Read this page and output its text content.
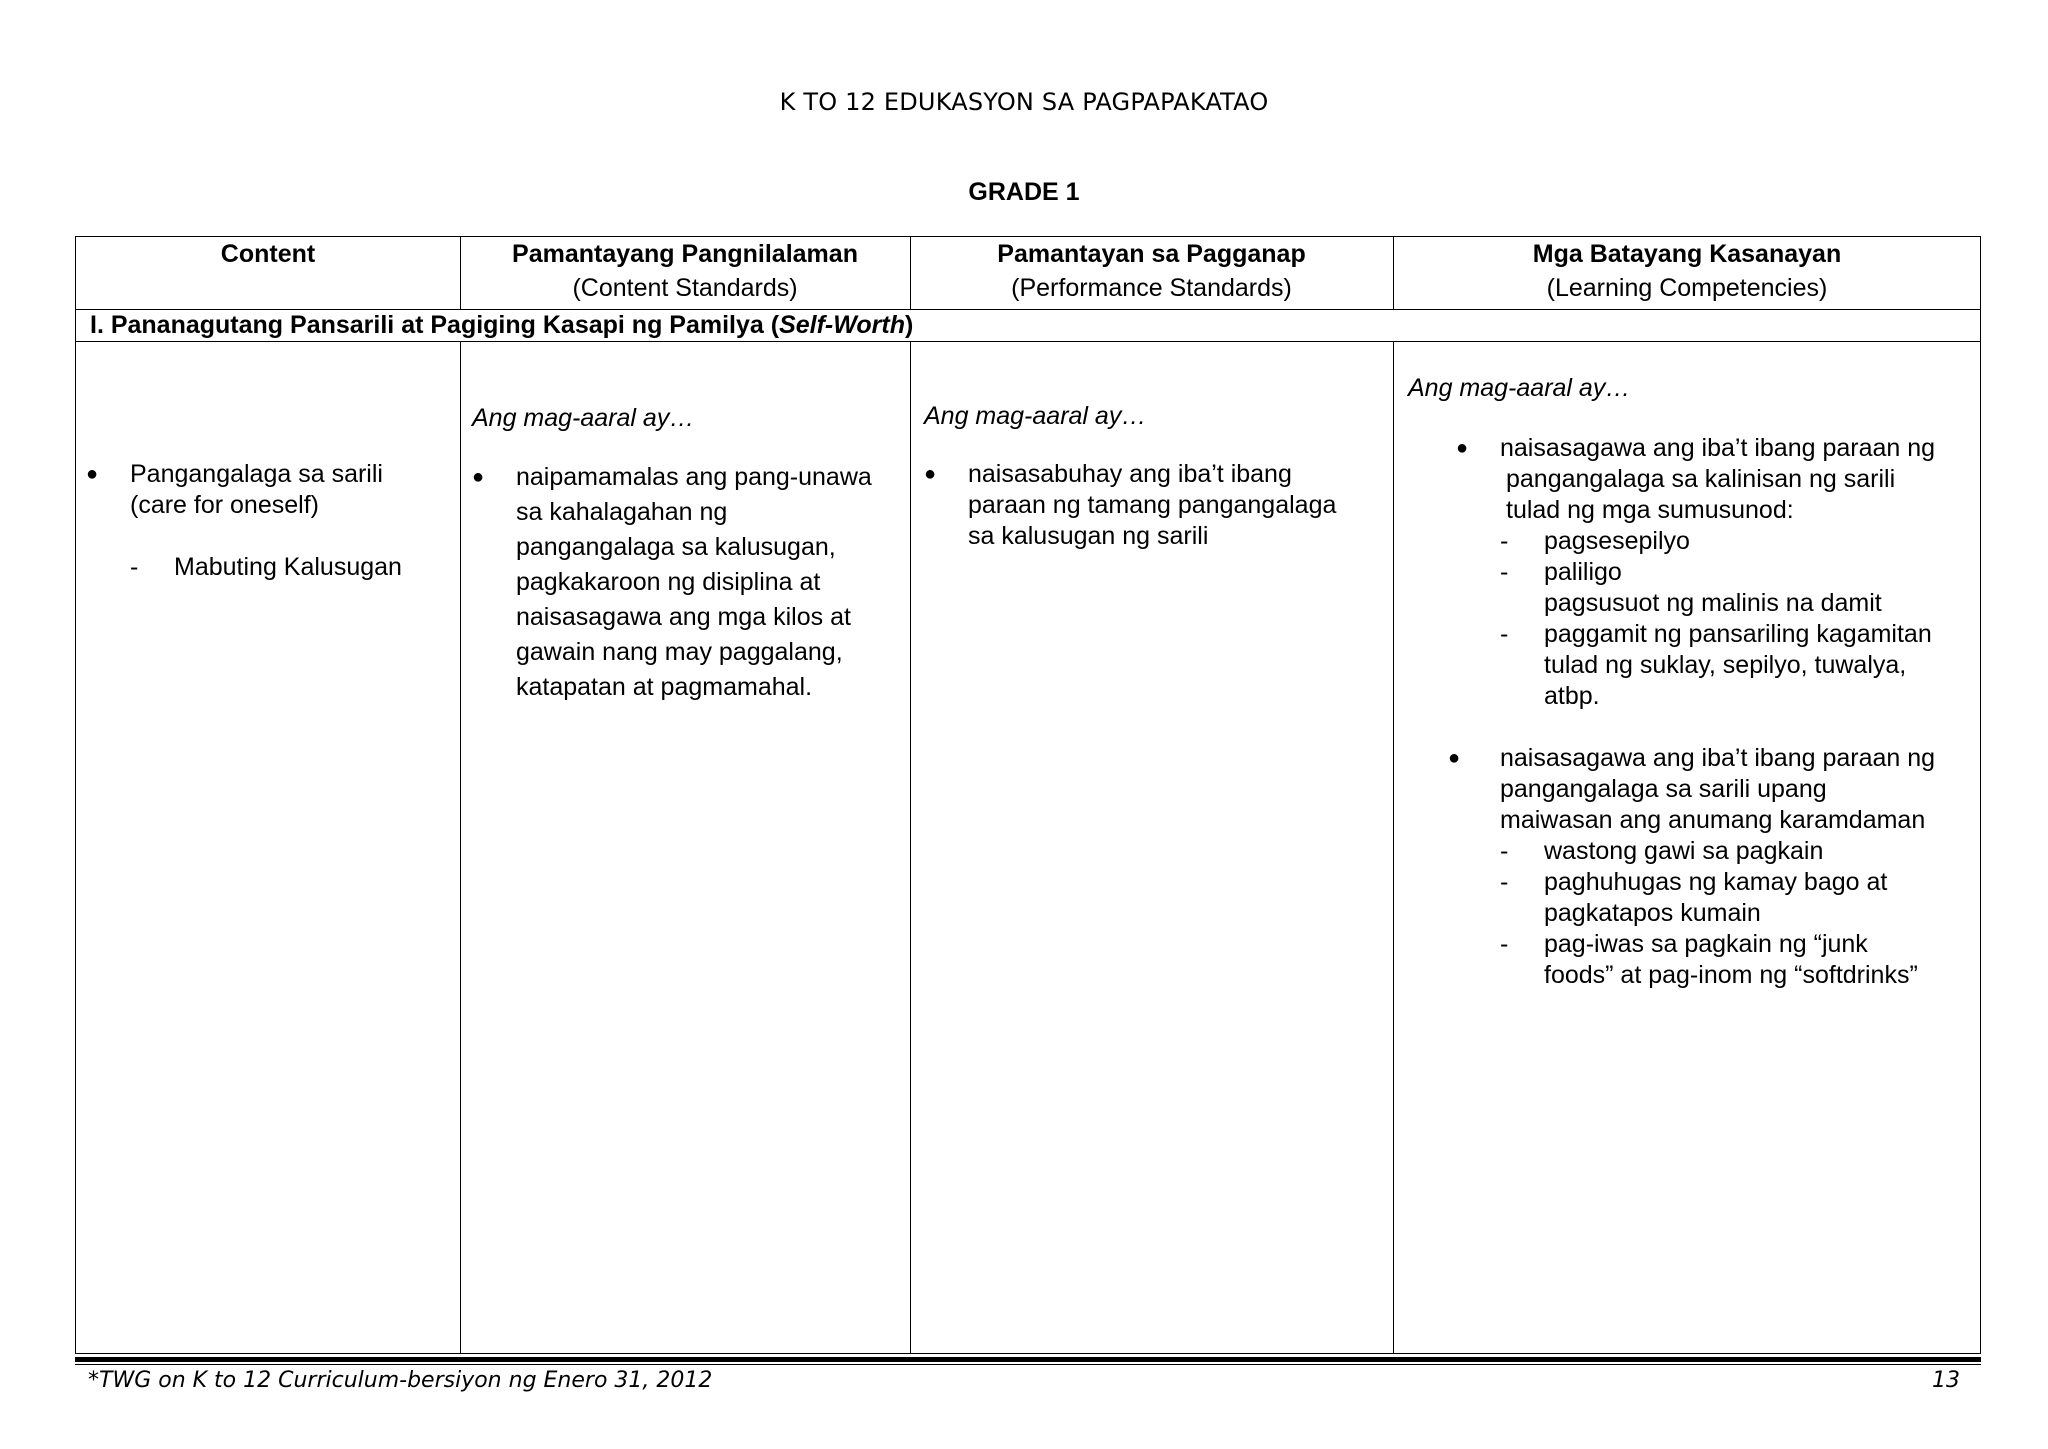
K TO 12 EDUKASYON SA PAGPAPAKATAO
GRADE 1
Content	Pamantayang Pangnilalaman
(Content Standards)
Pamantayan sa Pagganap
(Performance Standards)
Mga Batayang Kasanayan
(Learning Competencies)
I. Pananagutang Pansarili at Pagiging Kasapi ng Pamilya (Self-Worth)
● Pangangalaga sa sarili
(care for oneself)
- Mabuting Kalusugan
Ang mag-aaral ay…
● naipamamalas ang pang-unawa
sa kahalagahan ng
pangangalaga sa kalusugan,
pagkakaroon ng disiplina at
naisasagawa ang mga kilos at
gawain nang may paggalang,
katapatan at pagmamahal.
Ang mag-aaral ay…
● naisasabuhay ang iba’t ibang
paraan ng tamang pangangalaga
sa kalusugan ng sarili
Ang mag-aaral ay…
● naisasagawa ang iba’t ibang paraan ng
pangangalaga sa kalinisan ng sarili
tulad ng mga sumusunod:
- pagsesepilyo
- paliligo
pagsusuot ng malinis na damit
- paggamit ng pansariling kagamitan
tulad ng suklay, sepilyo, tuwalya,
atbp.
● naisasagawa ang iba’t ibang paraan ng
pangangalaga sa sarili upang
maiwasan ang anumang karamdaman
- wastong gawi sa pagkain
- paghuhugas ng kamay bago at
pagkatapos kumain
- pag-iwas sa pagkain ng “junk
foods” at pag-inom ng “softdrinks”
*TWG on K to 12 Curriculum-bersiyon ng Enero 31, 2012	13
